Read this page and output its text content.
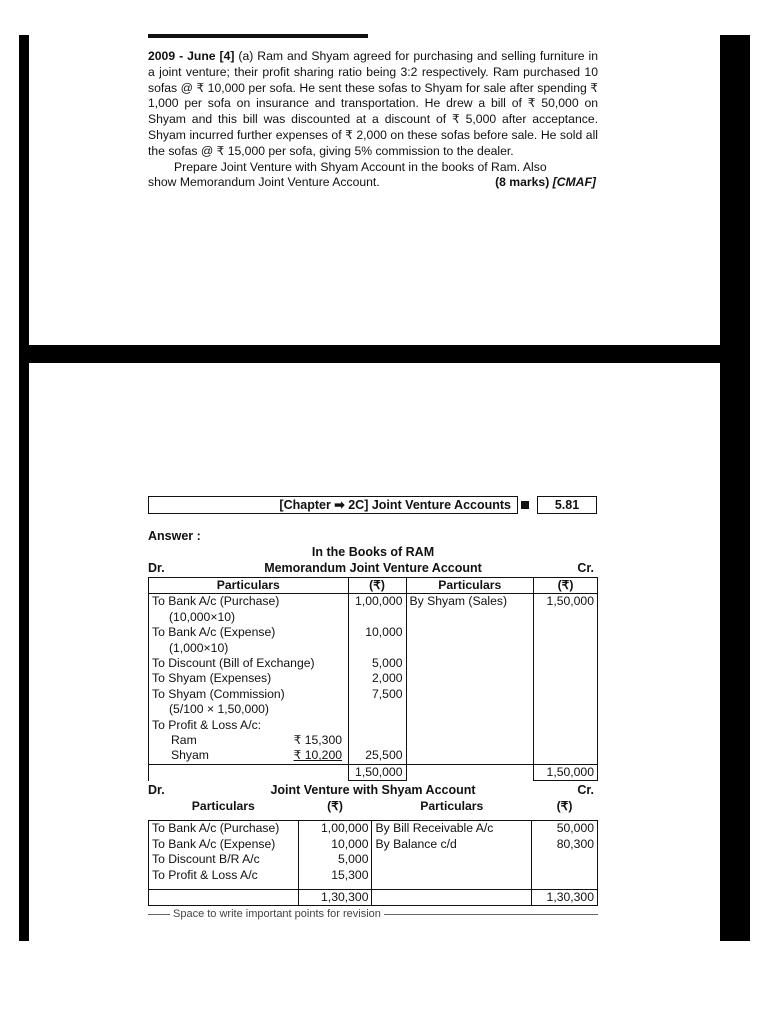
2009 - June [4] (a) Ram and Shyam agreed for purchasing and selling furniture in a joint venture; their profit sharing ratio being 3:2 respectively. Ram purchased 10 sofas @ ₹ 10,000 per sofa. He sent these sofas to Shyam for sale after spending ₹ 1,000 per sofa on insurance and transportation. He drew a bill of ₹ 50,000 on Shyam and this bill was discounted at a discount of ₹ 5,000 after acceptance. Shyam incurred further expenses of ₹ 2,000 on these sofas before sale. He sold all the sofas @ ₹ 15,000 per sofa, giving 5% commission to the dealer.

Prepare Joint Venture with Shyam Account in the books of Ram. Also

show Memorandum Joint Venture Account.	(8 marks) [CMAF]
[Chapter ➡ 2C] Joint Venture Accounts	5.81
Answer :
In the Books of RAM
Dr.	Memorandum Joint Venture Account	Cr.
Particulars	(₹)	Particulars	(₹)
To Bank A/c (Purchase)	1,00,000	By Shyam (Sales)	1,50,000
(10,000×10)			
To Bank A/c (Expense)	10,000		
(1,000×10)			
To Discount (Bill of Exchange)	5,000		
To Shyam (Expenses)	2,000		
To Shyam (Commission)	7,500		
(5/100 × 1,50,000)			
To Profit & Loss A/c:			
Ram ₹ 15,300			
Shyam ₹ 10,200	25,500		
	1,50,000		1,50,000
Dr.	Joint Venture with Shyam Account	Cr.
Particulars	(₹)	Particulars	(₹)
To Bank A/c (Purchase)	1,00,000	By Bill Receivable A/c	50,000
To Bank A/c (Expense)	10,000	By Balance c/d	80,300
To Discount B/R A/c	5,000		
To Profit & Loss A/c	15,300		

	1,30,300		1,30,300
Space to write important points for revision
